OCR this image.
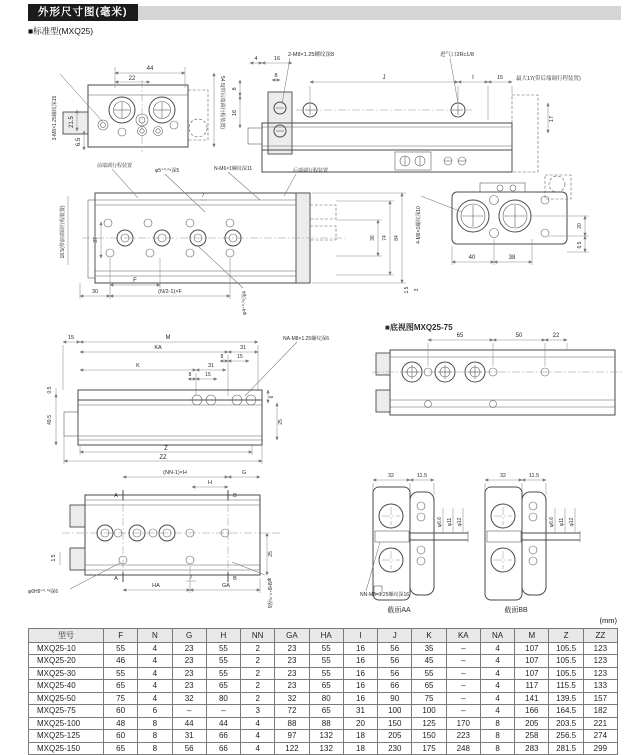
外形尺寸图(毫米)
■标准型(MXQ25)
44
22
21.5
6.5
3-M8×1.25螺纹深15	54.5(带后端调行程装置)
4	16
8	J	I	15 最大17(带后端调行程装置)
8
16
17
2-M8×1.25螺纹深8	进气口2Rc1/8
前端调行程装置
φ5⁺⁰·⁰⁵深5
7
N-M6×1螺纹深11	后端调行程装置
18.5(带前端调行程装置)	37
F
30	(N/2-1)×F	φ4⁺⁰·⁰³深4
36 74 84
1.5 3
4-M6×1螺纹深10
40	38
20
6.5
■底视图MXQ25-75
65	50	22
15	M	NA-M8×1.25螺纹深6
KA	31
8	15
K	31
8	15
0.5
49.5
6
25
Z
ZZ
(NN-1)×H	G
H
A
A
B
B
HA	GA
7
1.5
25
φ6H9⁺⁰·⁰³深6	φ6H9⁺⁰·⁰³深6
32	11.5
φ6.6 φ11 φ12
NN-M8×1.25螺纹深16
截面AA
32	11.5
φ6.6 φ11 φ12
截面BB
(mm)
型号	F	N	G	H	NN	GA	HA	I	J	K	KA	NA	M	Z	ZZ
MXQ25-10	55	4	23	55	2	23	55	16	56	35	–	4	107	105.5	123
MXQ25-20	46	4	23	55	2	23	55	16	56	45	–	4	107	105.5	123
MXQ25-30	55	4	23	55	2	23	55	16	56	55	–	4	107	105.5	123
MXQ25-40	65	4	23	65	2	23	65	16	66	65	–	4	117	115.5	133
MXQ25-50	75	4	32	80	2	32	80	16	90	75	–	4	141	139.5	157
MXQ25-75	60	6	–	–	3	72	65	31	100	100	–	4	166	164.5	182
MXQ25-100	48	8	44	44	4	88	88	20	150	125	170	8	205	203.5	221
MXQ25-125	60	8	31	66	4	97	132	18	205	150	223	8	258	256.5	274
MXQ25-150	65	8	56	66	4	122	132	18	230	175	248	8	283	281.5	299
